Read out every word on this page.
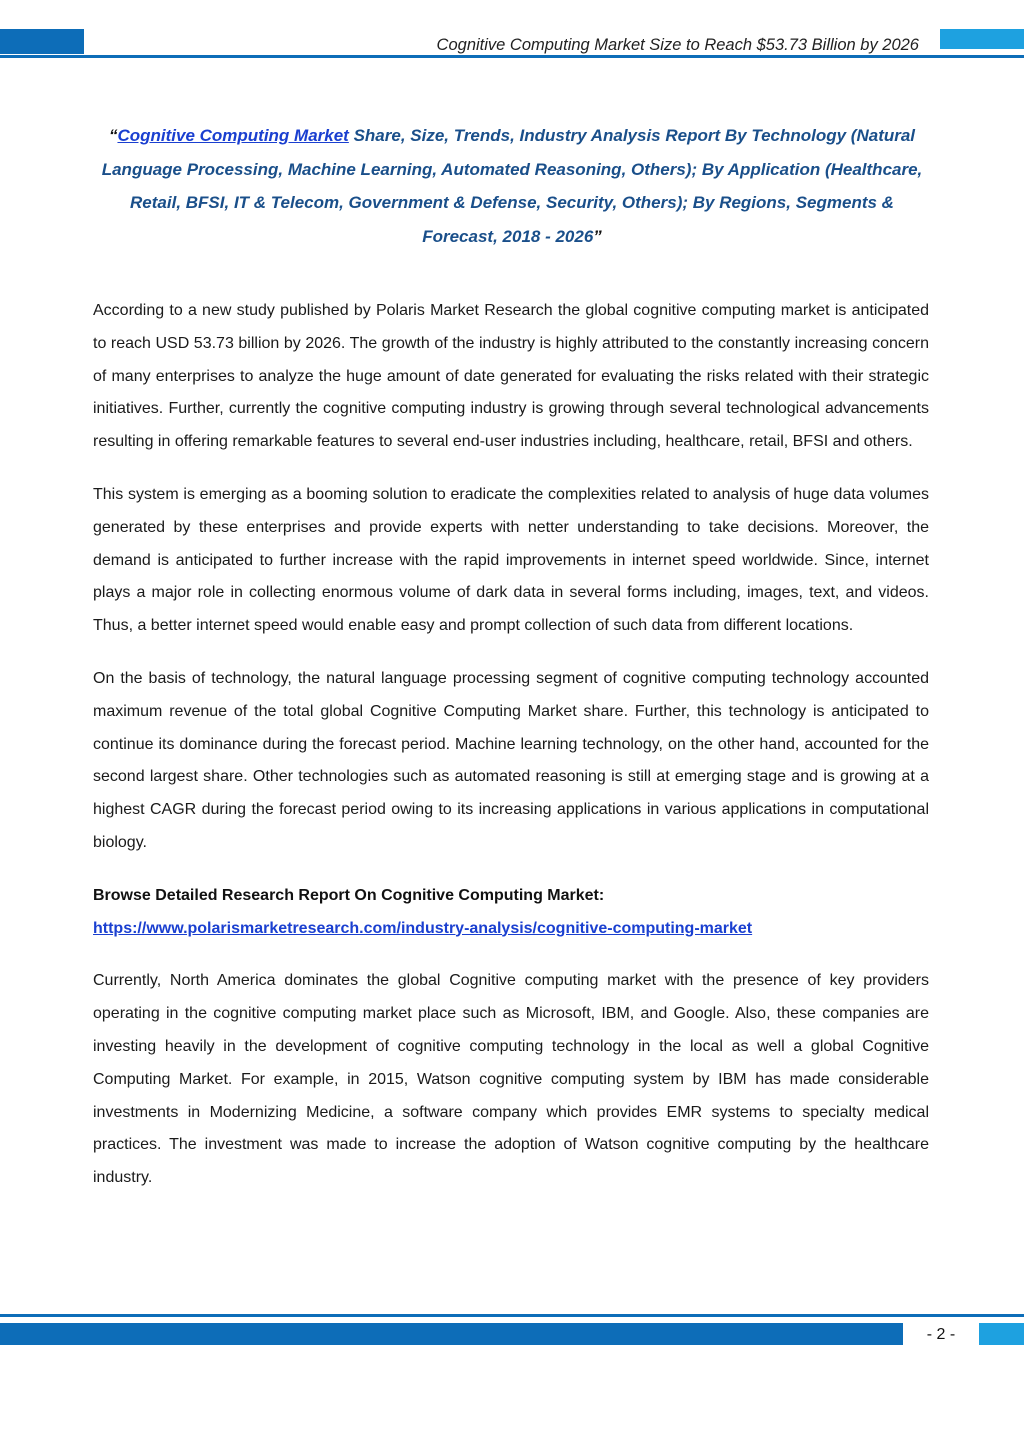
Cognitive Computing Market Size to Reach $53.73 Billion by 2026
“Cognitive Computing Market Share, Size, Trends, Industry Analysis Report By Technology (Natural Language Processing, Machine Learning, Automated Reasoning, Others); By Application (Healthcare, Retail, BFSI, IT & Telecom, Government & Defense, Security, Others); By Regions, Segments & Forecast, 2018 - 2026”

According to a new study published by Polaris Market Research the global cognitive computing market is anticipated to reach USD 53.73 billion by 2026. The growth of the industry is highly attributed to the constantly increasing concern of many enterprises to analyze the huge amount of date generated for evaluating the risks related with their strategic initiatives. Further, currently the cognitive computing industry is growing through several technological advancements resulting in offering remarkable features to several end-user industries including, healthcare, retail, BFSI and others.

This system is emerging as a booming solution to eradicate the complexities related to analysis of huge data volumes generated by these enterprises and provide experts with netter understanding to take decisions. Moreover, the demand is anticipated to further increase with the rapid improvements in internet speed worldwide. Since, internet plays a major role in collecting enormous volume of dark data in several forms including, images, text, and videos. Thus, a better internet speed would enable easy and prompt collection of such data from different locations.

On the basis of technology, the natural language processing segment of cognitive computing technology accounted maximum revenue of the total global Cognitive Computing Market share. Further, this technology is anticipated to continue its dominance during the forecast period. Machine learning technology, on the other hand, accounted for the second largest share. Other technologies such as automated reasoning is still at emerging stage and is growing at a highest CAGR during the forecast period owing to its increasing applications in various applications in computational biology.

Browse Detailed Research Report On Cognitive Computing Market:

https://www.polarismarketresearch.com/industry-analysis/cognitive-computing-market

Currently, North America dominates the global Cognitive computing market with the presence of key providers operating in the cognitive computing market place such as Microsoft, IBM, and Google. Also, these companies are investing heavily in the development of cognitive computing technology in the local as well a global Cognitive Computing Market. For example, in 2015, Watson cognitive computing system by IBM has made considerable investments in Modernizing Medicine, a software company which provides EMR systems to specialty medical practices. The investment was made to increase the adoption of Watson cognitive computing by the healthcare industry.

- 2 -
